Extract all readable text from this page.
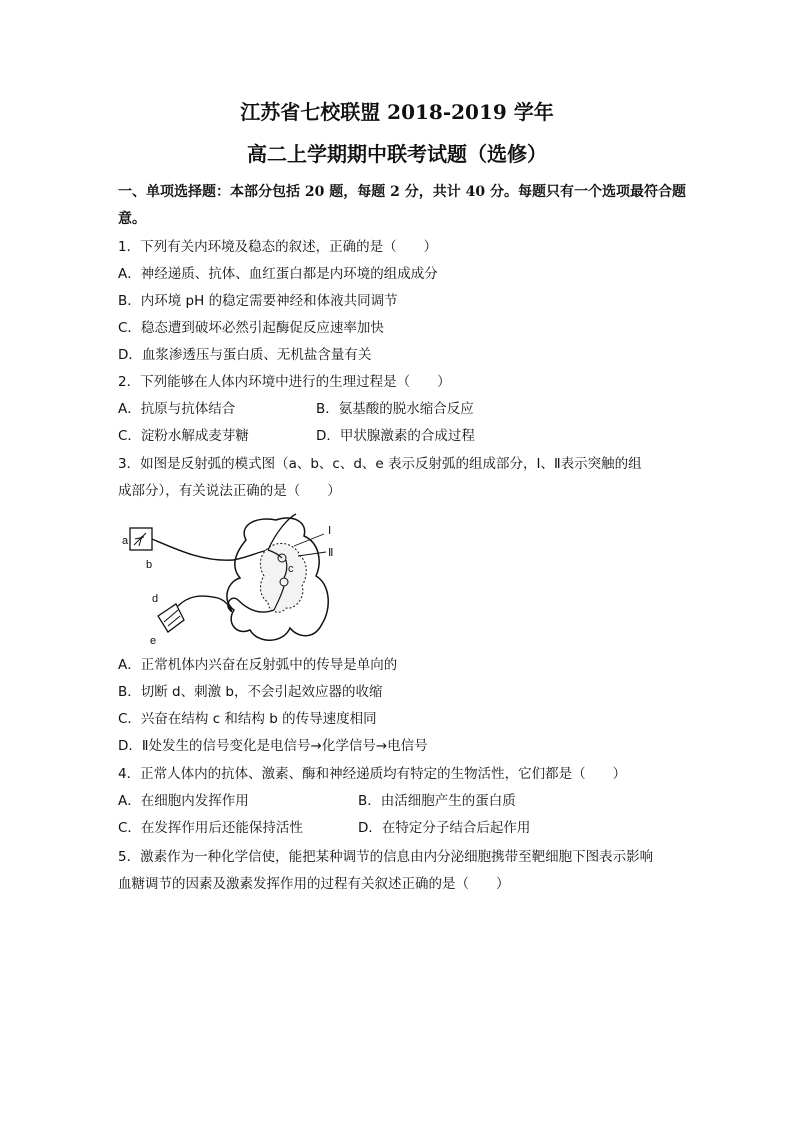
江苏省七校联盟 2018-2019 学年
高二上学期期中联考试题（选修）
一、单项选择题：本部分包括 20 题，每题 2 分，共计 40 分。每题只有一个选项最符合题
意。
1．下列有关内环境及稳态的叙述，正确的是（　　）
A．神经递质、抗体、血红蛋白都是内环境的组成成分
B．内环境 pH 的稳定需要神经和体液共同调节
C．稳态遭到破坏必然引起酶促反应速率加快
D．血浆渗透压与蛋白质、无机盐含量有关
2．下列能够在人体内环境中进行的生理过程是（　　）
A．抗原与抗体结合	B．氨基酸的脱水缩合反应
C．淀粉水解成麦芽糖	D．甲状腺激素的合成过程
3．如图是反射弧的模式图（a、b、c、d、e 表示反射弧的组成部分，Ⅰ、Ⅱ表示突触的组
成部分），有关说法正确的是（　　）
a
b	c
d
e
Ⅰ
Ⅱ
A．正常机体内兴奋在反射弧中的传导是单向的
B．切断 d、刺激 b，不会引起效应器的收缩
C．兴奋在结构 c 和结构 b 的传导速度相同
D．Ⅱ处发生的信号变化是电信号→化学信号→电信号
4．正常人体内的抗体、激素、酶和神经递质均有特定的生物活性，它们都是（　　）
A．在细胞内发挥作用	B．由活细胞产生的蛋白质
C．在发挥作用后还能保持活性	D．在特定分子结合后起作用
5．激素作为一种化学信使，能把某种调节的信息由内分泌细胞携带至靶细胞下图表示影响
血糖调节的因素及激素发挥作用的过程有关叙述正确的是（　　）
